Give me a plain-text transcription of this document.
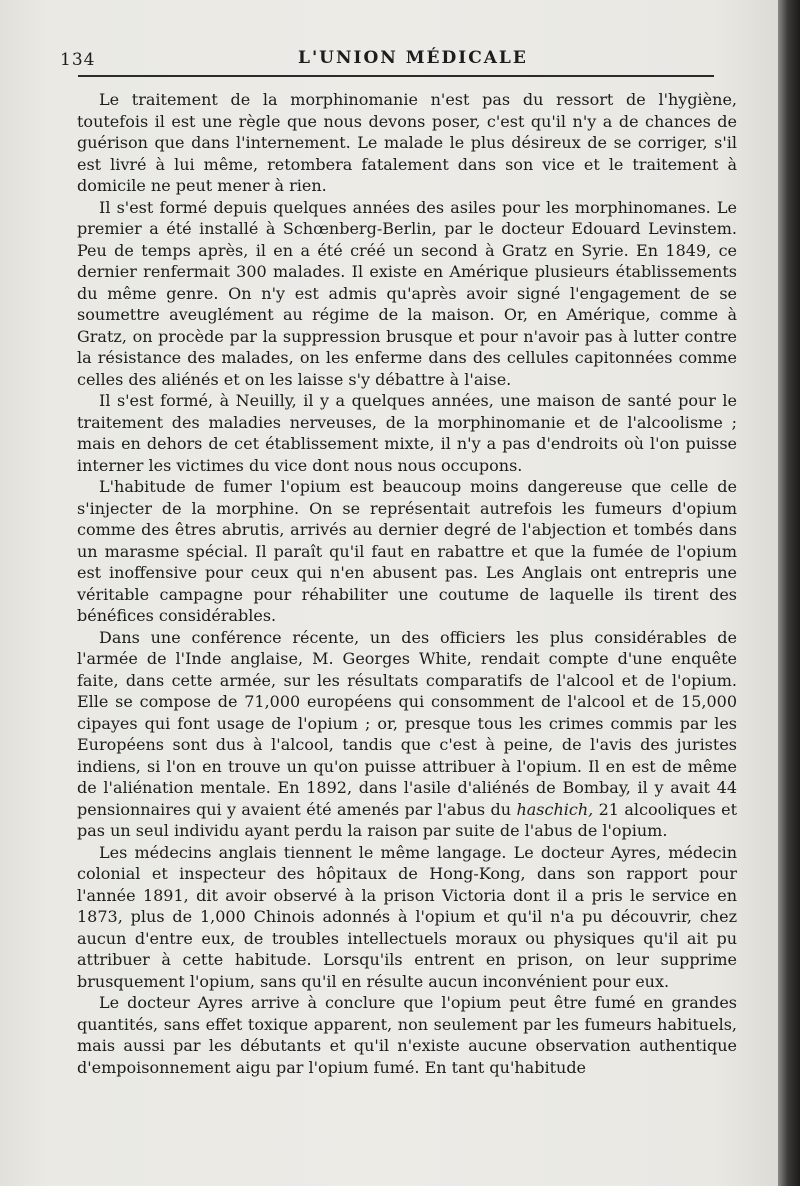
134	L'UNION MÉDICALE

Le traitement de la morphinomanie n'est pas du ressort de l'hygiène, toutefois il est une règle que nous devons poser, c'est qu'il n'y a de chances de guérison que dans l'internement. Le malade le plus désireux de se corriger, s'il est livré à lui même, retombera fatalement dans son vice et le traitement à domicile ne peut mener à rien.

Il s'est formé depuis quelques années des asiles pour les morphinomanes. Le premier a été installé à Schœnberg-Berlin, par le docteur Edouard Levinstem. Peu de temps après, il en a été créé un second à Gratz en Syrie. En 1849, ce dernier renfermait 300 malades. Il existe en Amérique plusieurs établissements du même genre. On n'y est admis qu'après avoir signé l'engagement de se soumettre aveuglément au régime de la maison. Or, en Amérique, comme à Gratz, on procède par la suppression brusque et pour n'avoir pas à lutter contre la résistance des malades, on les enferme dans des cellules capitonnées comme celles des aliénés et on les laisse s'y débattre à l'aise.

Il s'est formé, à Neuilly, il y a quelques années, une maison de santé pour le traitement des maladies nerveuses, de la morphinomanie et de l'alcoolisme ; mais en dehors de cet établissement mixte, il n'y a pas d'endroits où l'on puisse interner les victimes du vice dont nous nous occupons.

L'habitude de fumer l'opium est beaucoup moins dangereuse que celle de s'injecter de la morphine. On se représentait autrefois les fumeurs d'opium comme des êtres abrutis, arrivés au dernier degré de l'abjection et tombés dans un marasme spécial. Il paraît qu'il faut en rabattre et que la fumée de l'opium est inoffensive pour ceux qui n'en abusent pas. Les Anglais ont entrepris une véritable campagne pour réhabiliter une coutume de laquelle ils tirent des bénéfices considérables.

Dans une conférence récente, un des officiers les plus considérables de l'armée de l'Inde anglaise, M. Georges White, rendait compte d'une enquête faite, dans cette armée, sur les résultats comparatifs de l'alcool et de l'opium. Elle se compose de 71,000 européens qui consomment de l'alcool et de 15,000 cipayes qui font usage de l'opium ; or, presque tous les crimes commis par les Européens sont dus à l'alcool, tandis que c'est à peine, de l'avis des juristes indiens, si l'on en trouve un qu'on puisse attribuer à l'opium. Il en est de même de l'aliénation mentale. En 1892, dans l'asile d'aliénés de Bombay, il y avait 44 pensionnaires qui y avaient été amenés par l'abus du haschich, 21 alcooliques et pas un seul individu ayant perdu la raison par suite de l'abus de l'opium.

Les médecins anglais tiennent le même langage. Le docteur Ayres, médecin colonial et inspecteur des hôpitaux de Hong-Kong, dans son rapport pour l'année 1891, dit avoir observé à la prison Victoria dont il a pris le service en 1873, plus de 1,000 Chinois adonnés à l'opium et qu'il n'a pu découvrir, chez aucun d'entre eux, de troubles intellectuels moraux ou physiques qu'il ait pu attribuer à cette habitude. Lorsqu'ils entrent en prison, on leur supprime brusquement l'opium, sans qu'il en résulte aucun inconvénient pour eux.

Le docteur Ayres arrive à conclure que l'opium peut être fumé en grandes quantités, sans effet toxique apparent, non seulement par les fumeurs habituels, mais aussi par les débutants et qu'il n'existe aucune observation authentique d'empoisonnement aigu par l'opium fumé. En tant qu'habitude
